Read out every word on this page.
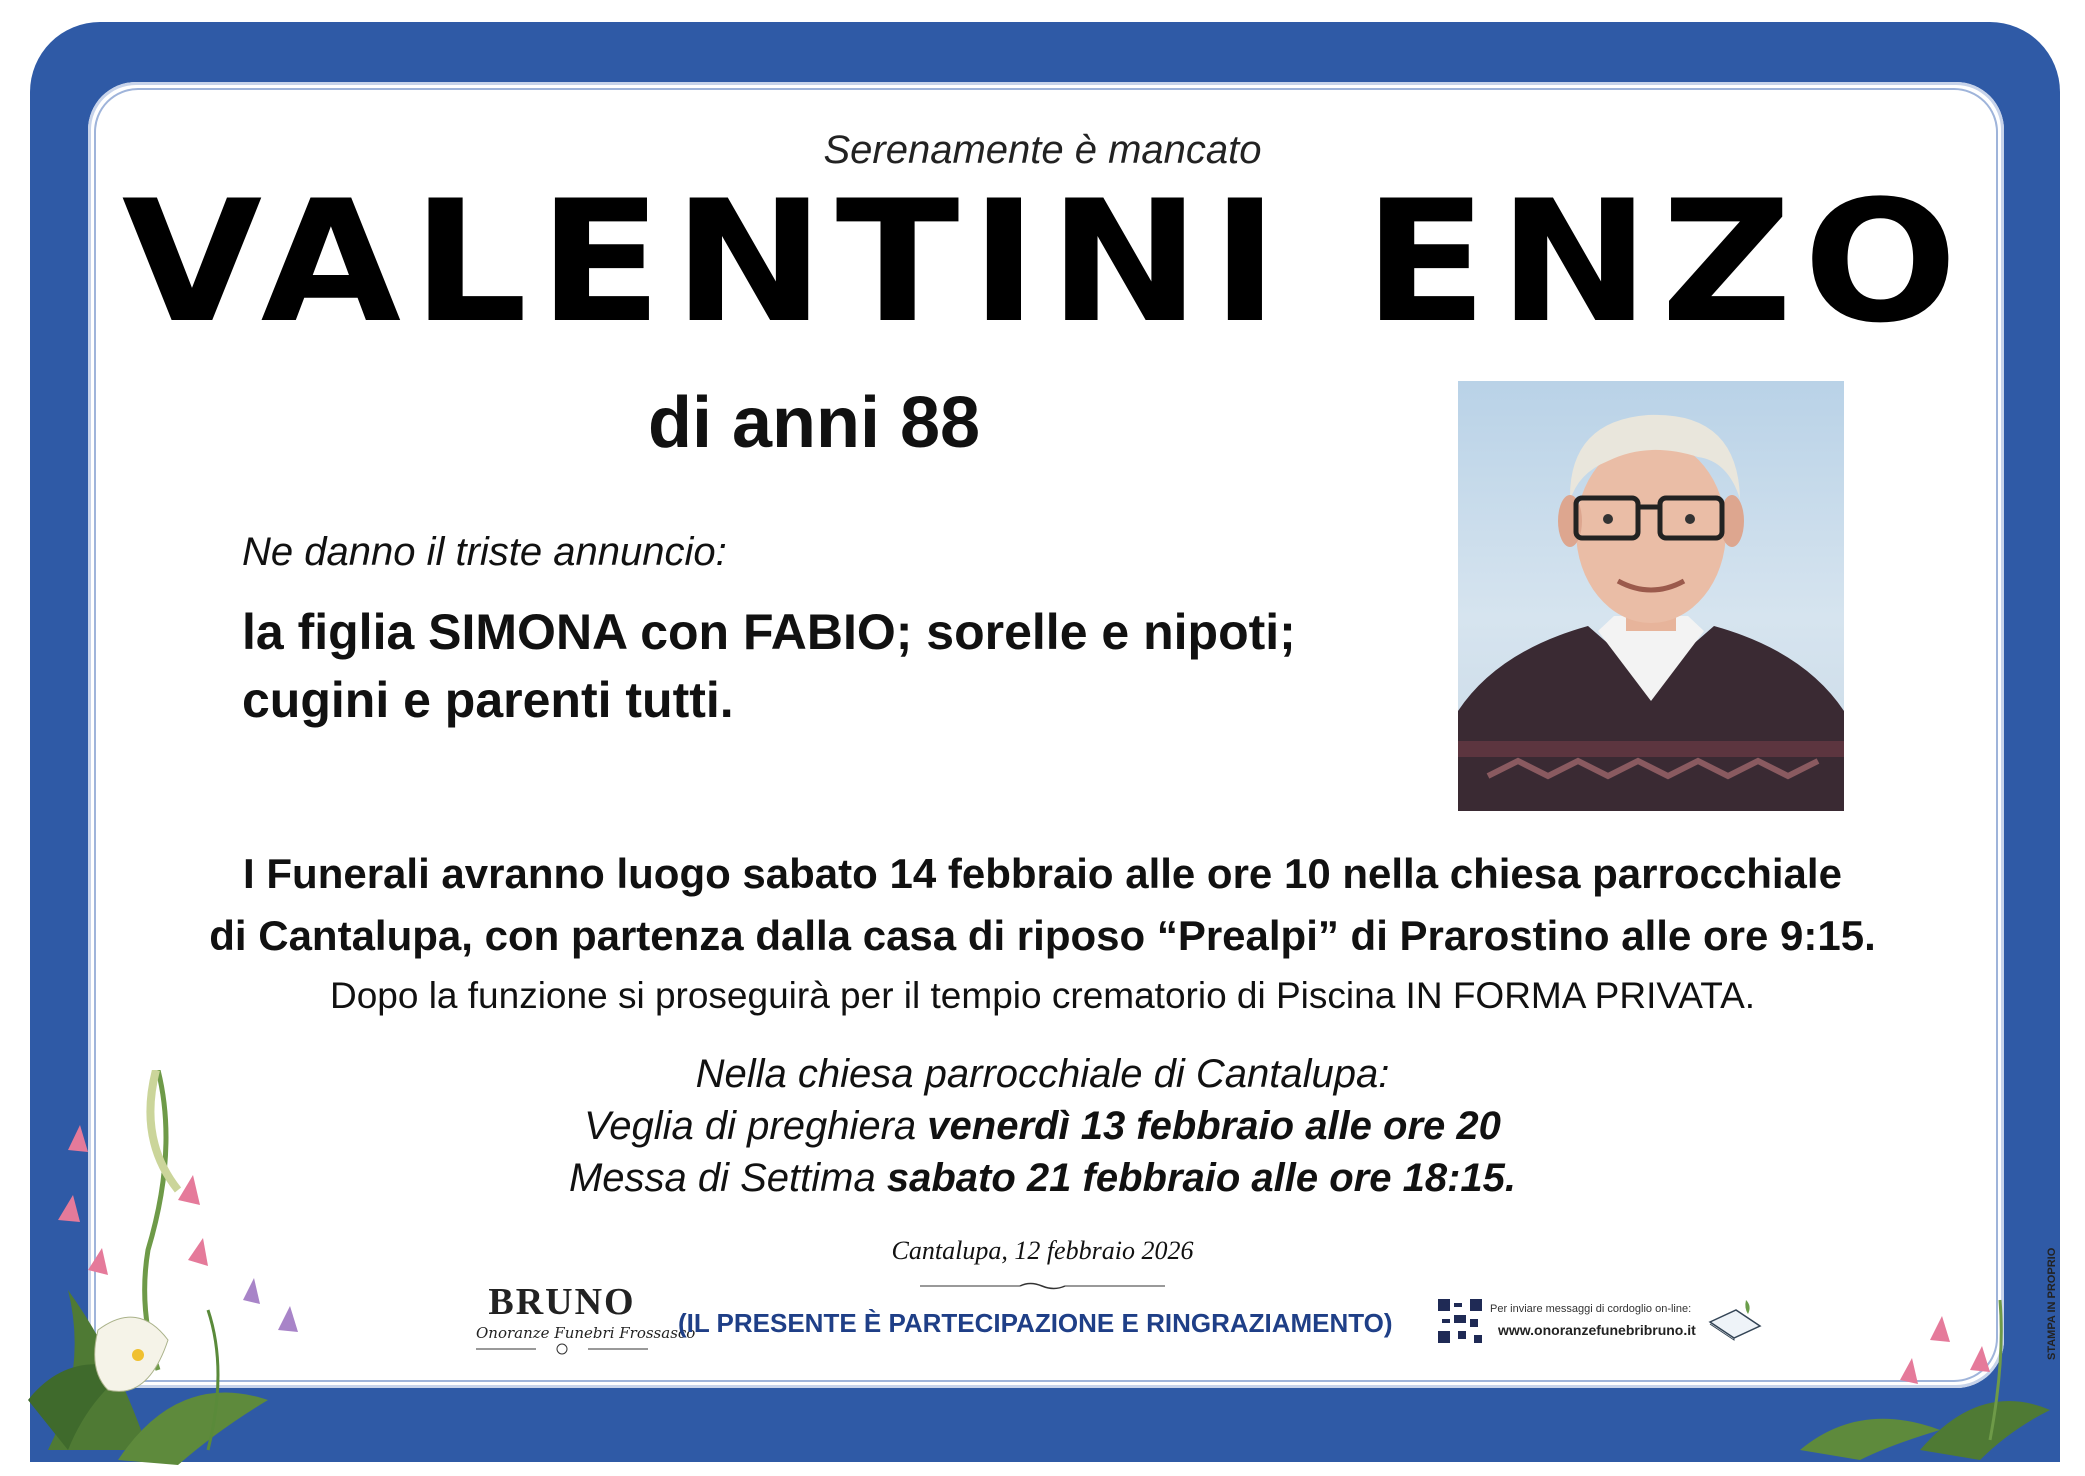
Serenamente è mancato
VALENTINI ENZO
di anni 88
Ne danno il triste annuncio:
la figlia SIMONA con FABIO; sorelle e nipoti;
cugini e parenti tutti.
I Funerali avranno luogo sabato 14 febbraio alle ore 10 nella chiesa parrocchiale
di Cantalupa, con partenza dalla casa di riposo “Prealpi” di Prarostino alle ore 9:15.
Dopo la funzione si proseguirà per il tempio crematorio di Piscina IN FORMA PRIVATA.
Nella chiesa parrocchiale di Cantalupa:
Veglia di preghiera venerdì 13 febbraio alle ore 20
Messa di Settima sabato 21 febbraio alle ore 18:15.
Cantalupa, 12 febbraio 2026
BRUNO
Onoranze Funebri Frossasco
(IL PRESENTE È PARTECIPAZIONE E RINGRAZIAMENTO)	Per inviare messaggi di cordoglio on-line:
www.onoranzefunebribruno.it	STAMPA IN PROPRIO
